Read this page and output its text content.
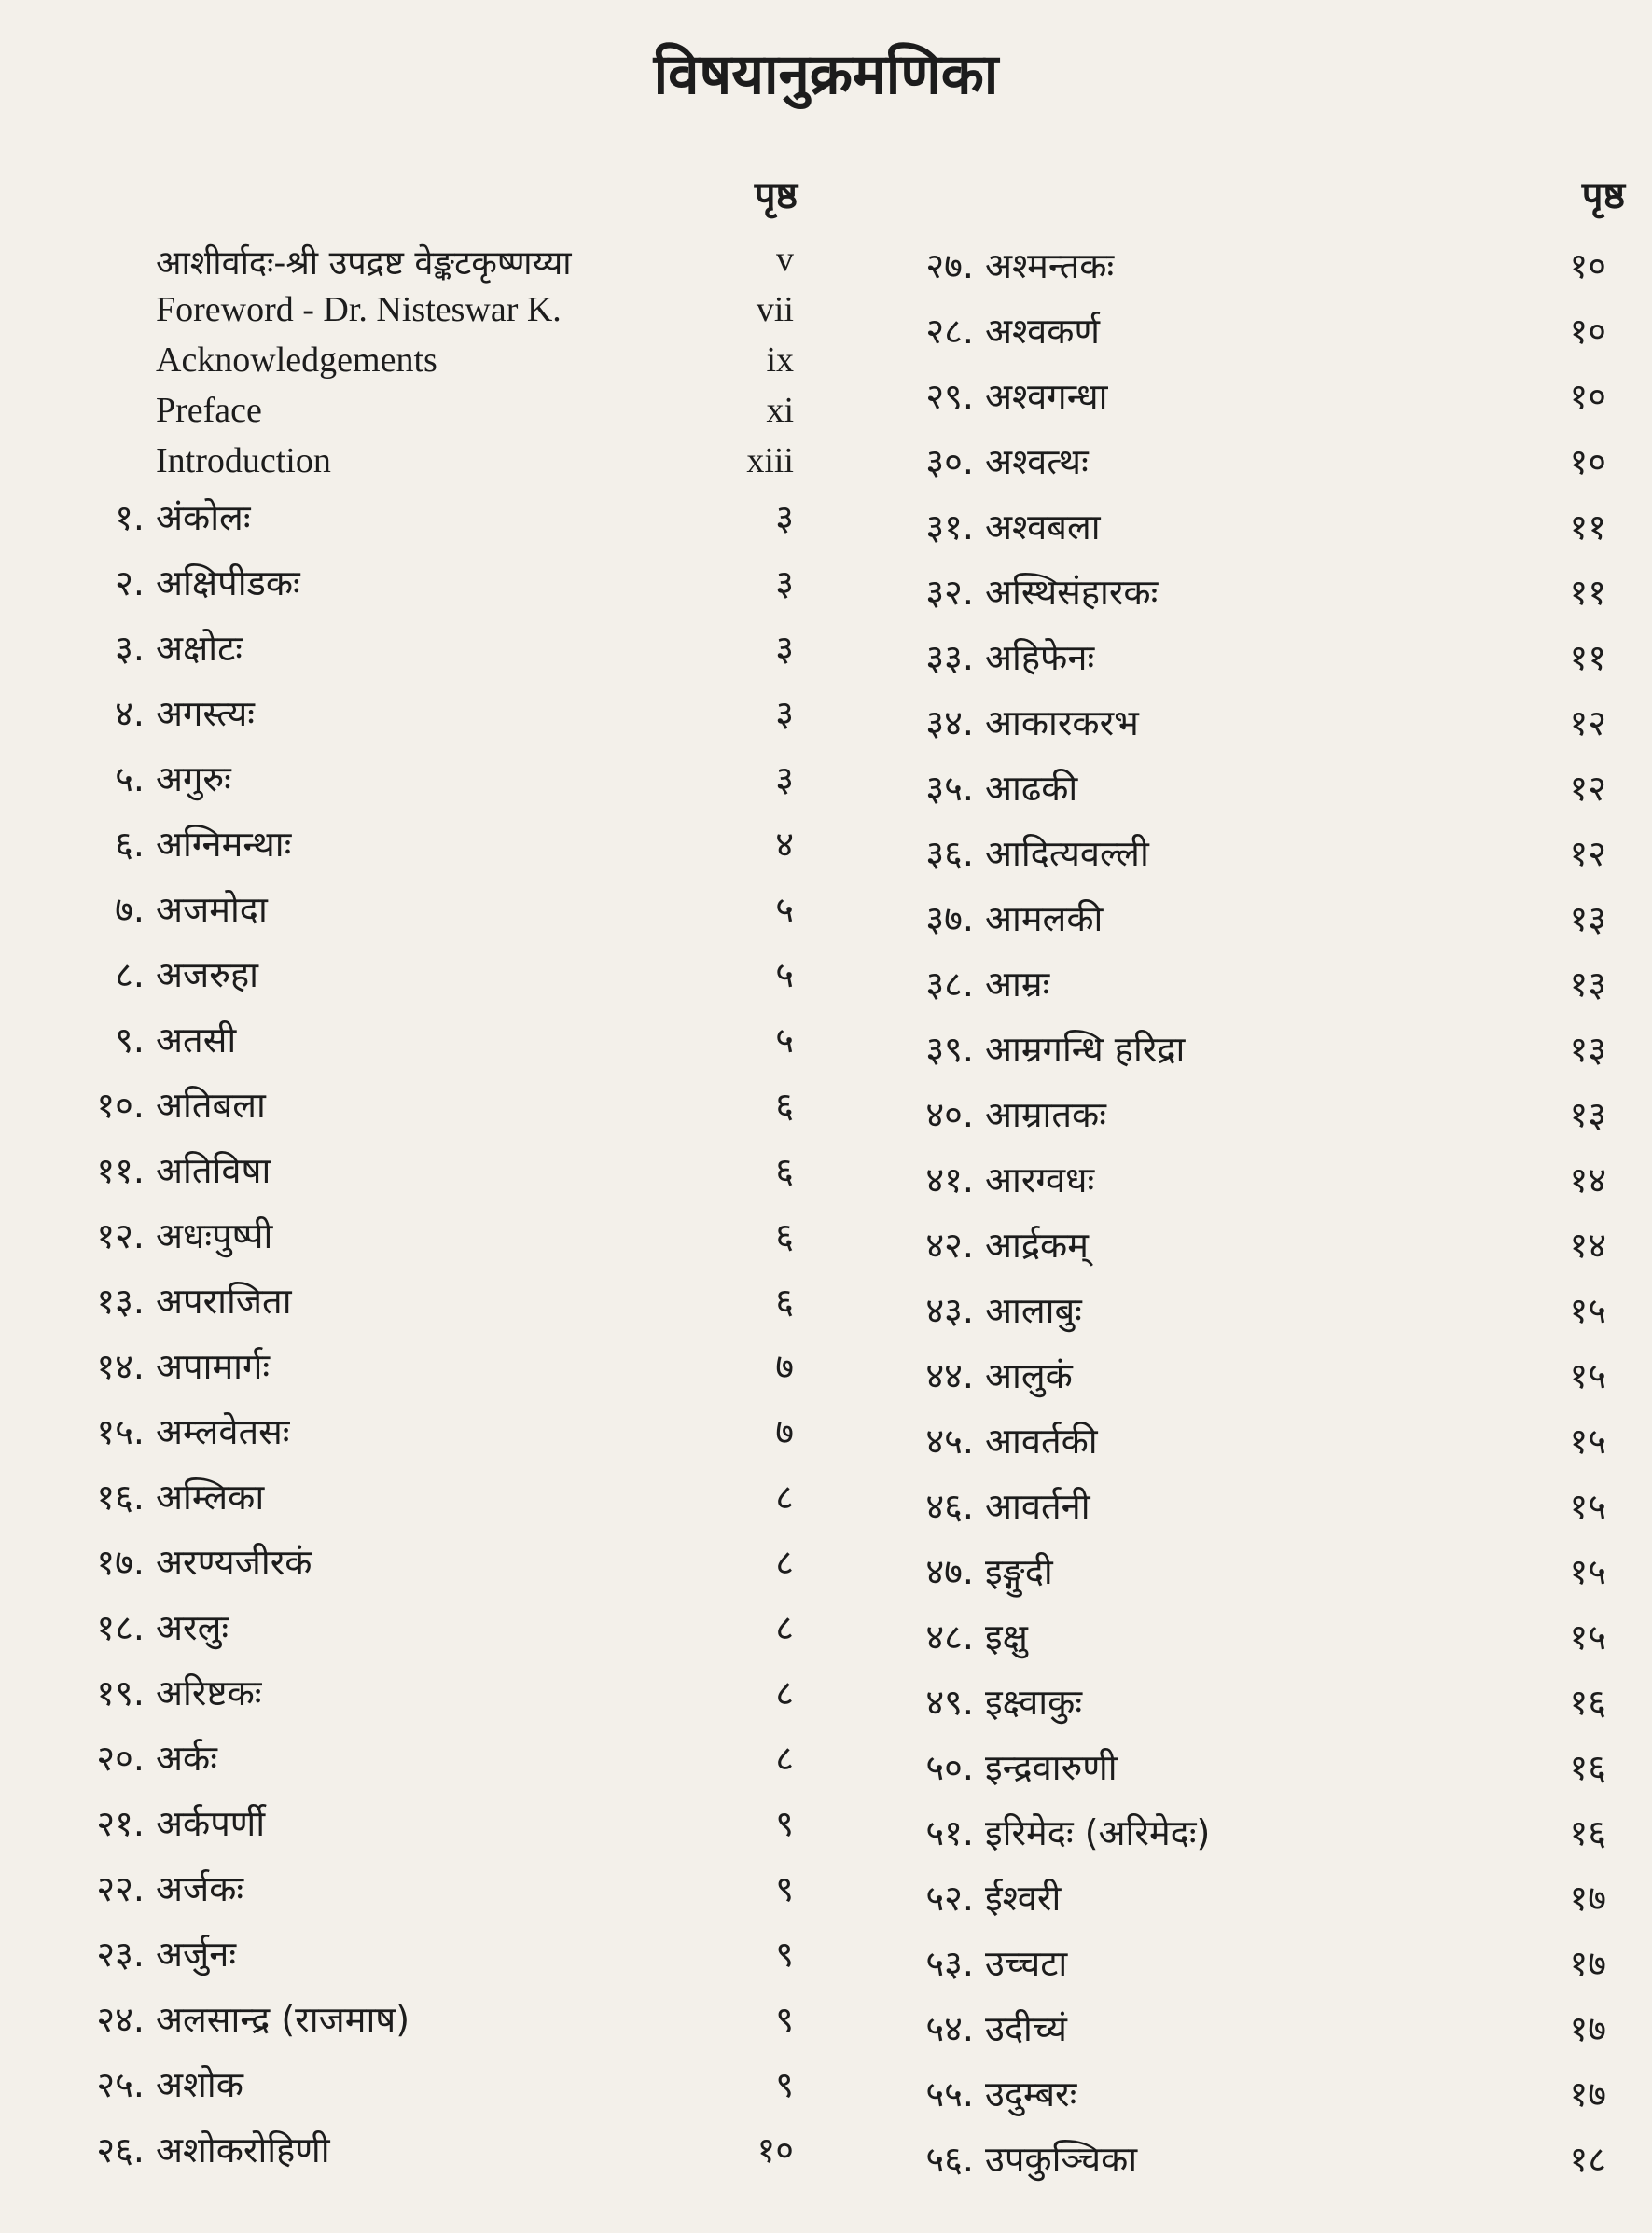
विषयानुक्रमणिका
पृष्ठ
आशीर्वादः-श्री उपद्रष्ट वेङ्कटकृष्णय्या	v
Foreword - Dr. Nisteswar K.	vii
Acknowledgements	ix
Preface	xi
Introduction	xiii
१. अंकोलः	३
२. अक्षिपीडकः	३
३. अक्षोटः	३
४. अगस्त्यः	३
५. अगुरुः	३
६. अग्निमन्थाः	४
७. अजमोदा	५
८. अजरुहा	५
९. अतसी	५
१०. अतिबला	६
११. अतिविषा	६
१२. अधःपुष्पी	६
१३. अपराजिता	६
१४. अपामार्गः	७
१५. अम्लवेतसः	७
१६. अम्लिका	८
१७. अरण्यजीरकं	८
१८. अरलुः	८
१९. अरिष्टकः	८
२०. अर्कः	८
२१. अर्कपर्णी	९
२२. अर्जकः	९
२३. अर्जुनः	९
२४. अलसान्द्र (राजमाष)	९
२५. अशोक	९
२६. अशोकरोहिणी	१०
पृष्ठ
२७. अश्मन्तकः	१०
२८. अश्वकर्ण	१०
२९. अश्वगन्धा	१०
३०. अश्वत्थः	१०
३१. अश्वबला	११
३२. अस्थिसंहारकः	११
३३. अहिफेनः	११
३४. आकारकरभ	१२
३५. आढकी	१२
३६. आदित्यवल्ली	१२
३७. आमलकी	१३
३८. आम्रः	१३
३९. आम्रगन्धि हरिद्रा	१३
४०. आम्रातकः	१३
४१. आरग्वधः	१४
४२. आर्द्रकम्	१४
४३. आलाबुः	१५
४४. आलुकं	१५
४५. आवर्तकी	१५
४६. आवर्तनी	१५
४७. इङ्गुदी	१५
४८. इक्षु	१५
४९. इक्ष्वाकुः	१६
५०. इन्द्रवारुणी	१६
५१. इरिमेदः (अरिमेदः)	१६
५२. ईश्वरी	१७
५३. उच्चटा	१७
५४. उदीच्यं	१७
५५. उदुम्बरः	१७
५६. उपकुञ्चिका	१८
